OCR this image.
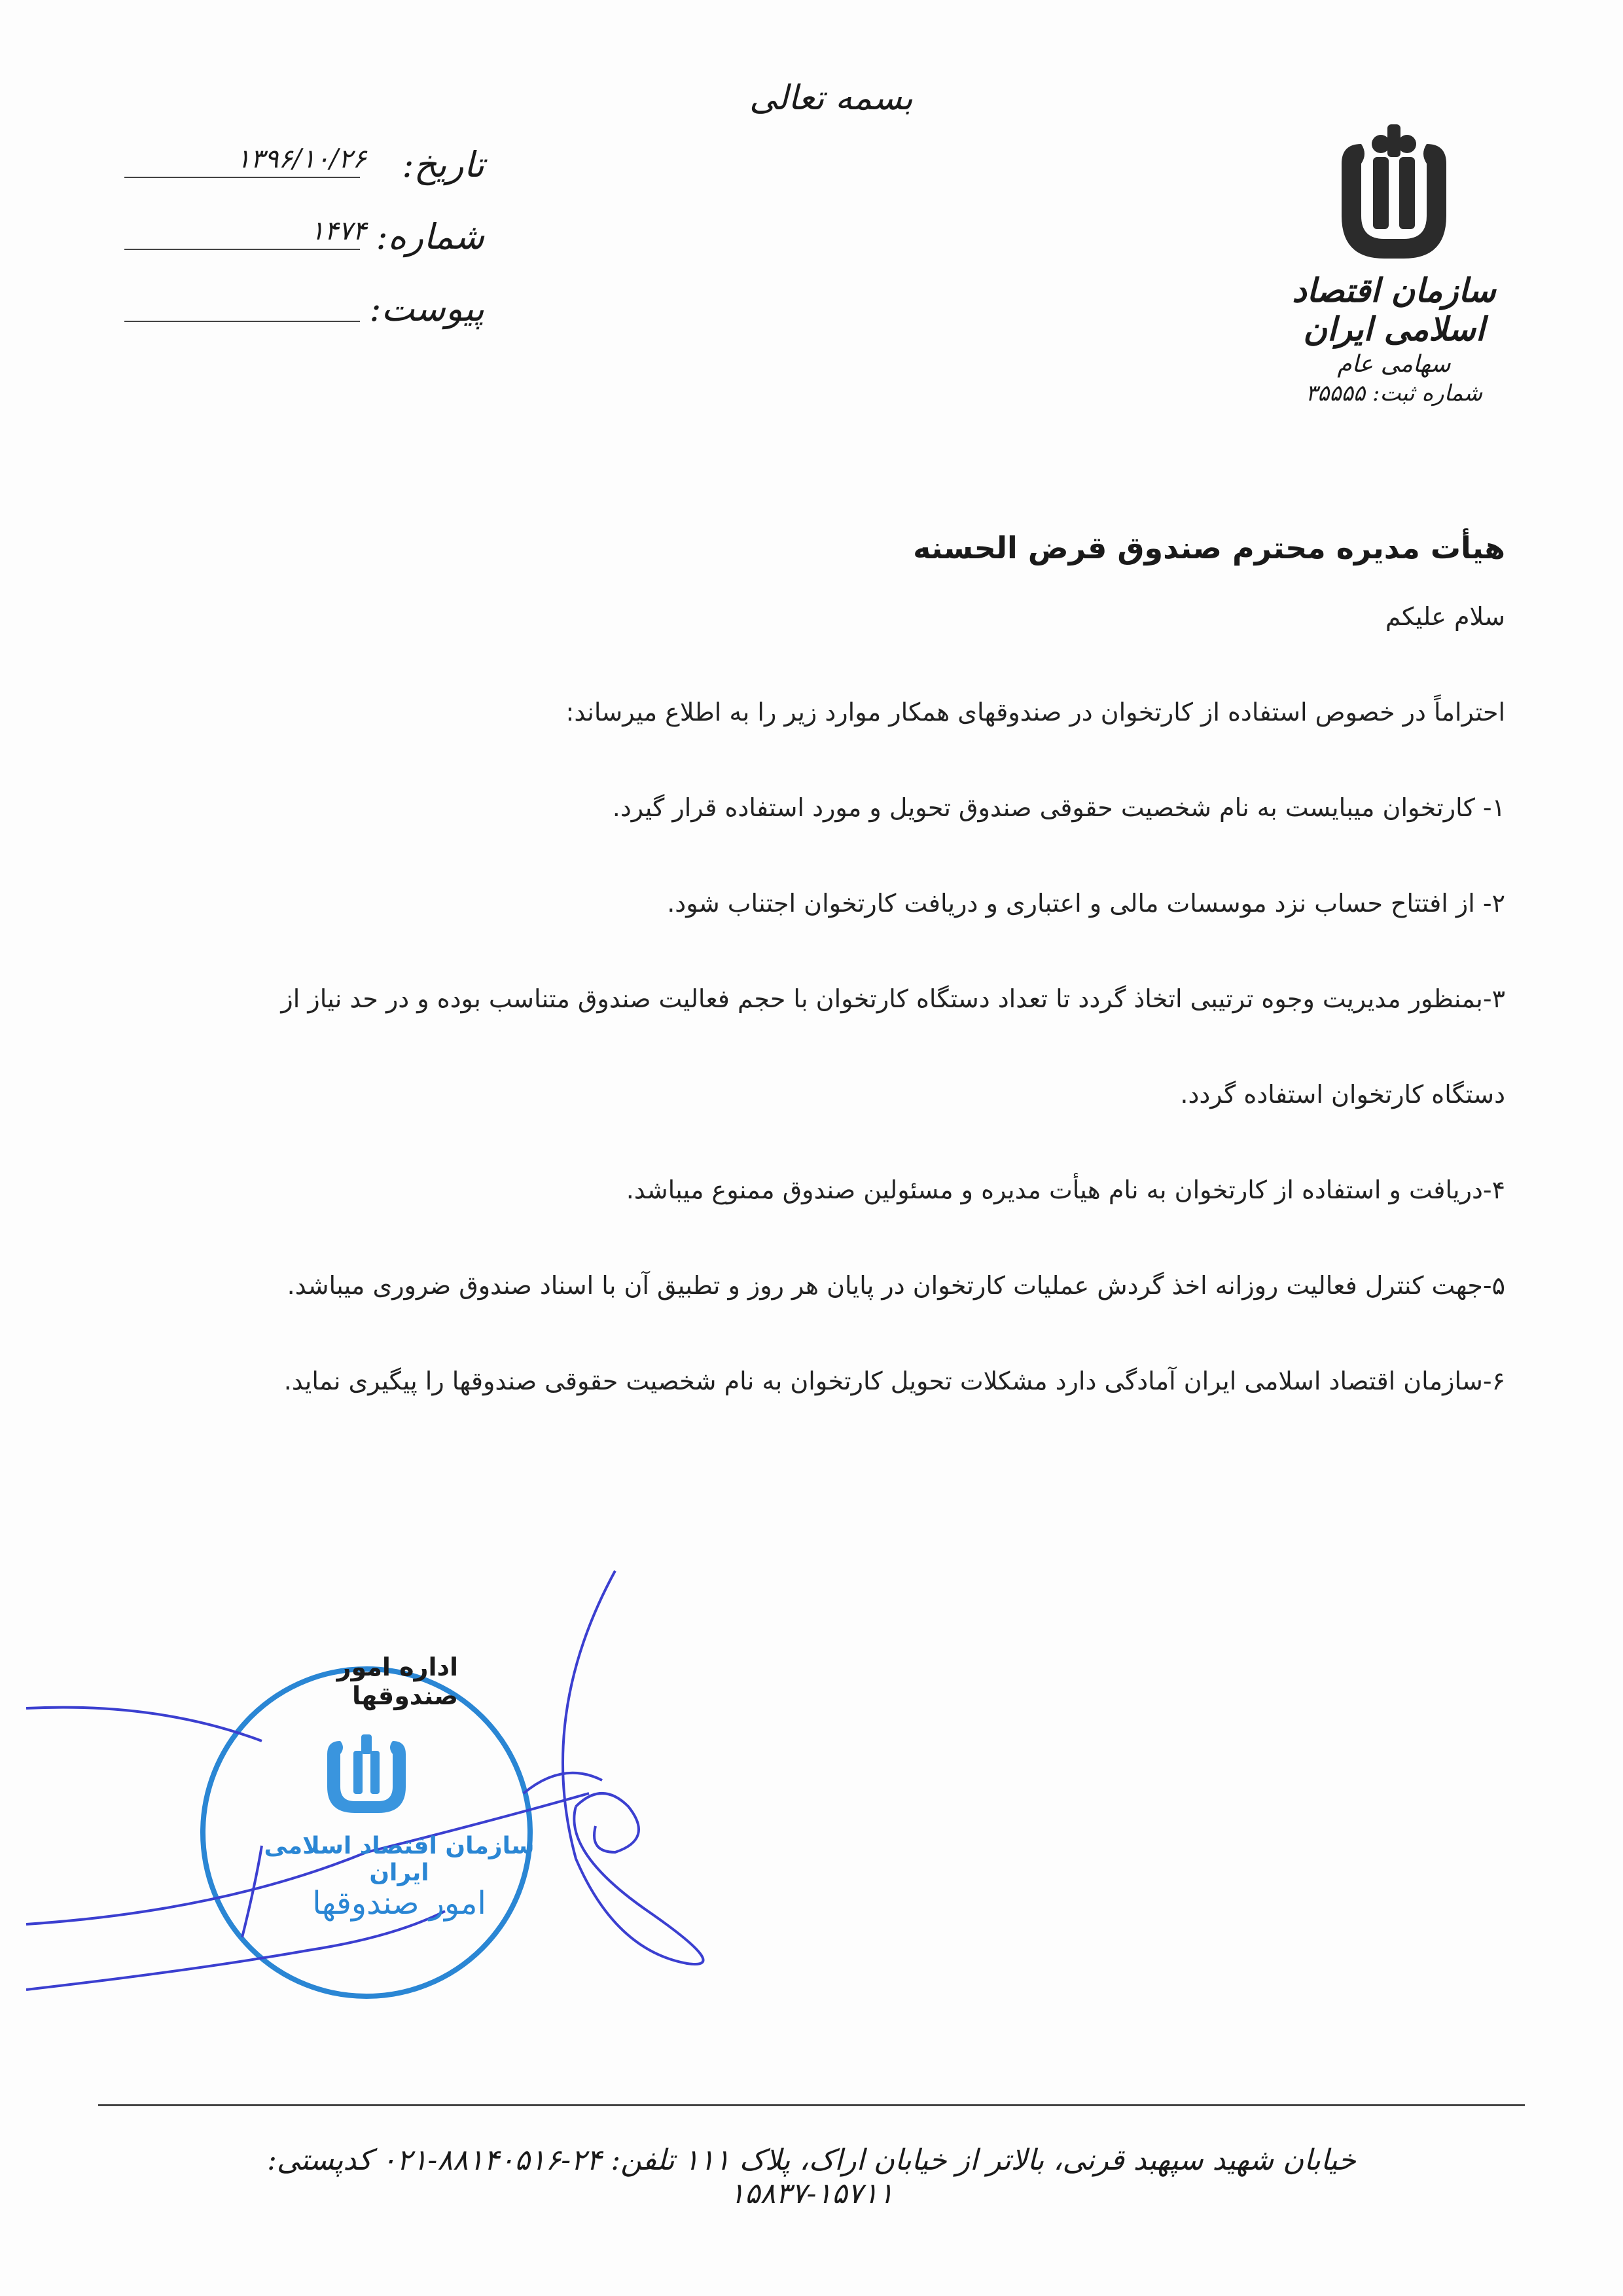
بسمه تعالی
۱۳۹۶/۱۰/۲۶ تاریخ:
۱۴۷۴ شماره:
پیوست:	سازمان اقتصاد اسلامی ایران
سهامی عام
شماره ثبت: ۳۵۵۵۵

هیأت مدیره محترم صندوق قرض الحسنه

سلام علیکم

احتراماً در خصوص استفاده از کارتخوان در صندوقهای همکار موارد زیر را به اطلاع میرساند:

۱- کارتخوان میبایست به نام شخصیت حقوقی صندوق تحویل و مورد استفاده قرار گیرد.

۲- از افتتاح حساب نزد موسسات مالی و اعتباری و دریافت کارتخوان اجتناب شود.

۳-بمنظور مدیریت وجوه ترتیبی اتخاذ گردد تا تعداد دستگاه کارتخوان با حجم فعالیت صندوق متناسب بوده و در حد نیاز از

دستگاه کارتخوان استفاده گردد.

۴-دریافت و استفاده از کارتخوان به نام هیأت مدیره و مسئولین صندوق ممنوع میباشد.

۵-جهت کنترل فعالیت روزانه اخذ گردش عملیات کارتخوان در پایان هر روز و تطبیق آن با اسناد صندوق ضروری میباشد.

۶-سازمان اقتصاد اسلامی ایران آمادگی دارد مشکلات تحویل کارتخوان به نام شخصیت حقوقی صندوقها را پیگیری نماید.

اداره امور صندوقها
سازمان اقتصاد اسلامی ایران
امور صندوقها
خیابان شهید سپهبد قرنی، بالاتر از خیابان اراک، پلاک ۱۱۱ تلفن: ۲۴-۸۸۱۴۰۵۱۶-۰۲۱ کدپستی: ۱۵۷۱۱-۱۵۸۳۷
